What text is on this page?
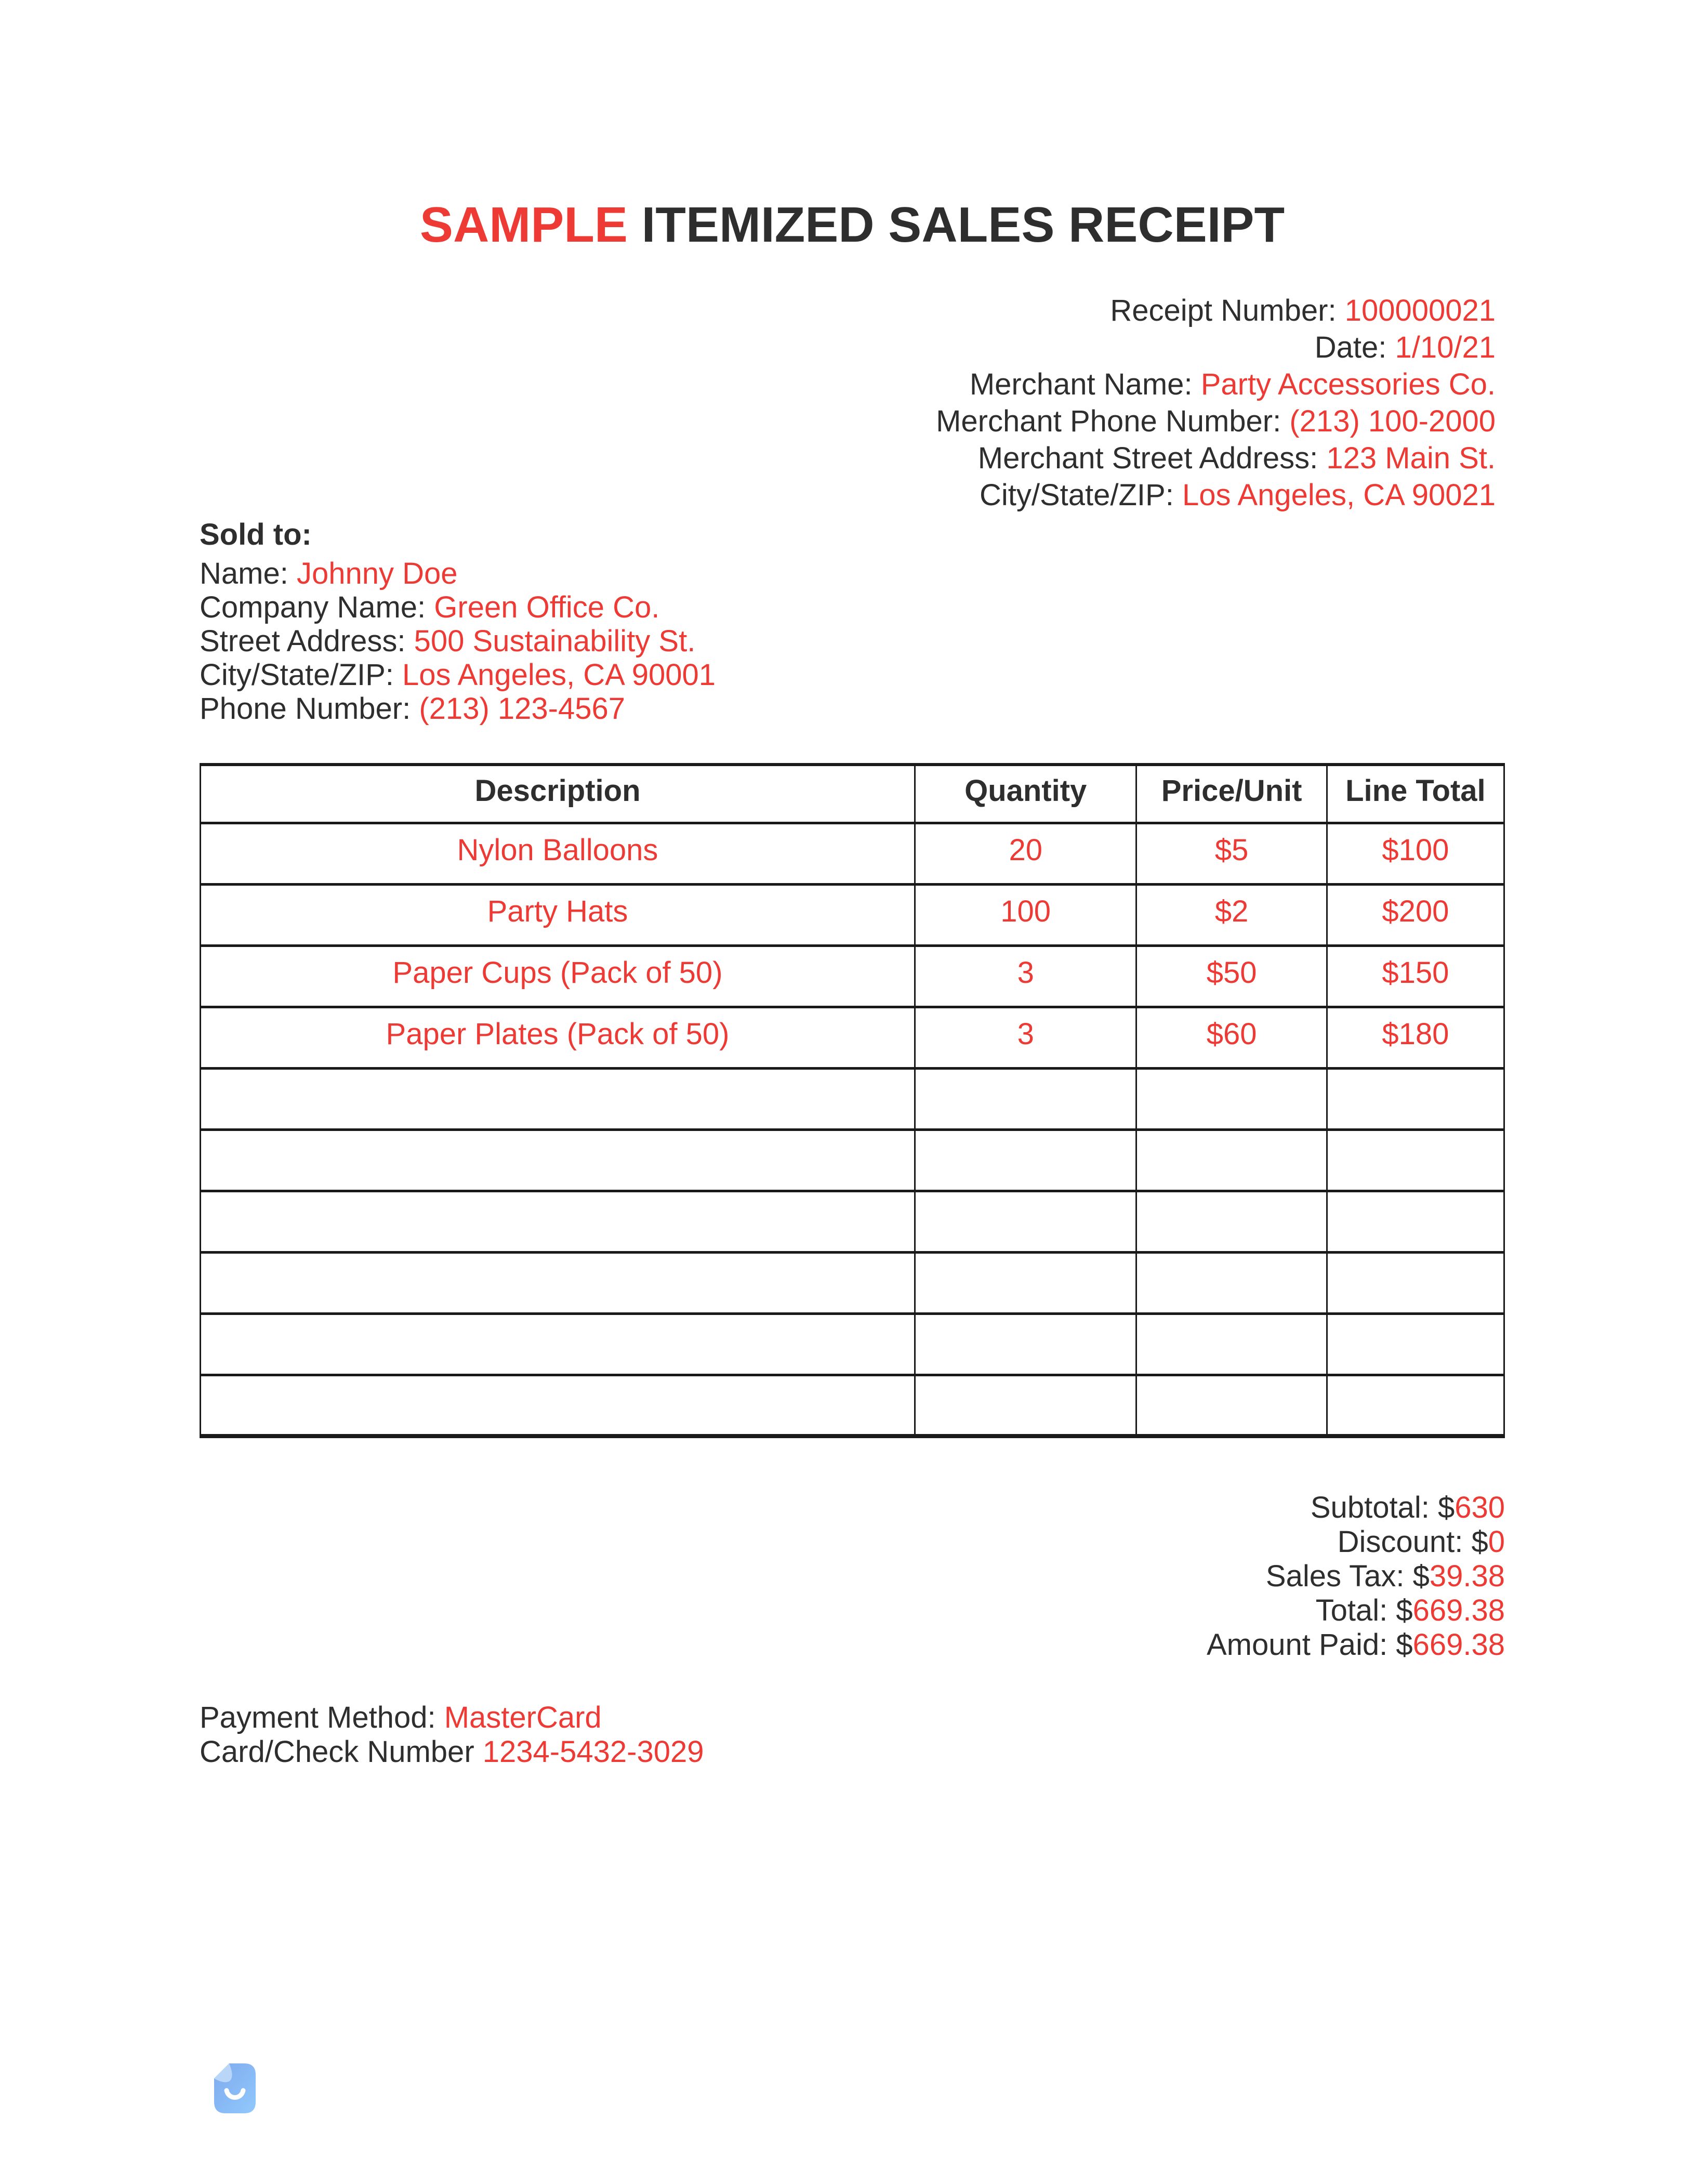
SAMPLE ITEMIZED SALES RECEIPT
Receipt Number: 100000021
Date: 1/10/21
Merchant Name: Party Accessories Co.
Merchant Phone Number: (213) 100-2000
Merchant Street Address: 123 Main St.
City/State/ZIP: Los Angeles, CA 90021
Sold to:
Name: Johnny Doe
Company Name: Green Office Co.
Street Address: 500 Sustainability St.
City/State/ZIP: Los Angeles, CA 90001
Phone Number: (213) 123-4567
Description	Quantity	Price/Unit	Line Total
Nylon Balloons	20	$5	$100
Party Hats	100	$2	$200
Paper Cups (Pack of 50)	3	$50	$150
Paper Plates (Pack of 50)	3	$60	$180

Subtotal: $630
Discount: $0
Sales Tax: $39.38
Total: $669.38
Amount Paid: $669.38
Payment Method: MasterCard
Card/Check Number 1234-5432-3029
